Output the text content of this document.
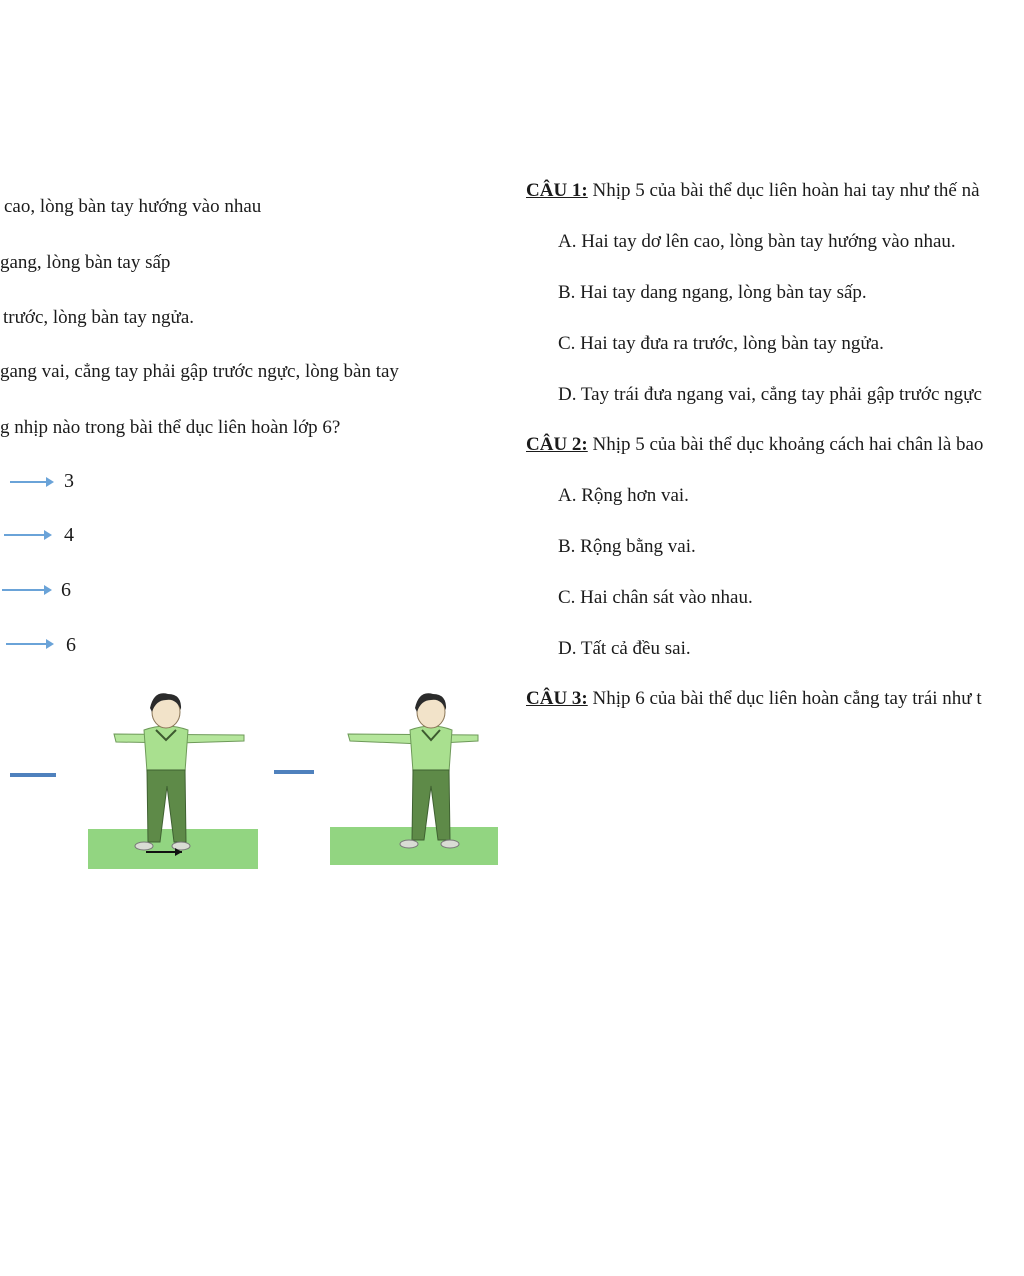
cao, lòng bàn tay hướng vào nhau
gang, lòng bàn tay sấp
trước, lòng bàn tay ngửa.
gang vai, cẳng tay phải gập trước ngực, lòng bàn tay
g nhịp nào trong bài thể dục liên hoàn lớp 6?
3
4
6
6
CÂU 1: Nhịp 5 của bài thể dục liên hoàn hai tay như thế nà
A. Hai tay dơ lên cao, lòng bàn tay hướng vào nhau.
B. Hai tay dang ngang, lòng bàn tay sấp.
C. Hai tay đưa ra trước, lòng bàn tay ngửa.
D. Tay trái đưa ngang vai, cẳng tay phải gập trước ngực
CÂU 2: Nhịp 5 của bài thể dục khoảng cách hai chân là bao
A. Rộng hơn vai.
B. Rộng bằng vai.
C. Hai chân sát vào nhau.
D. Tất cả đều sai.
CÂU 3: Nhịp 6 của bài thể dục liên hoàn cẳng tay trái như t
